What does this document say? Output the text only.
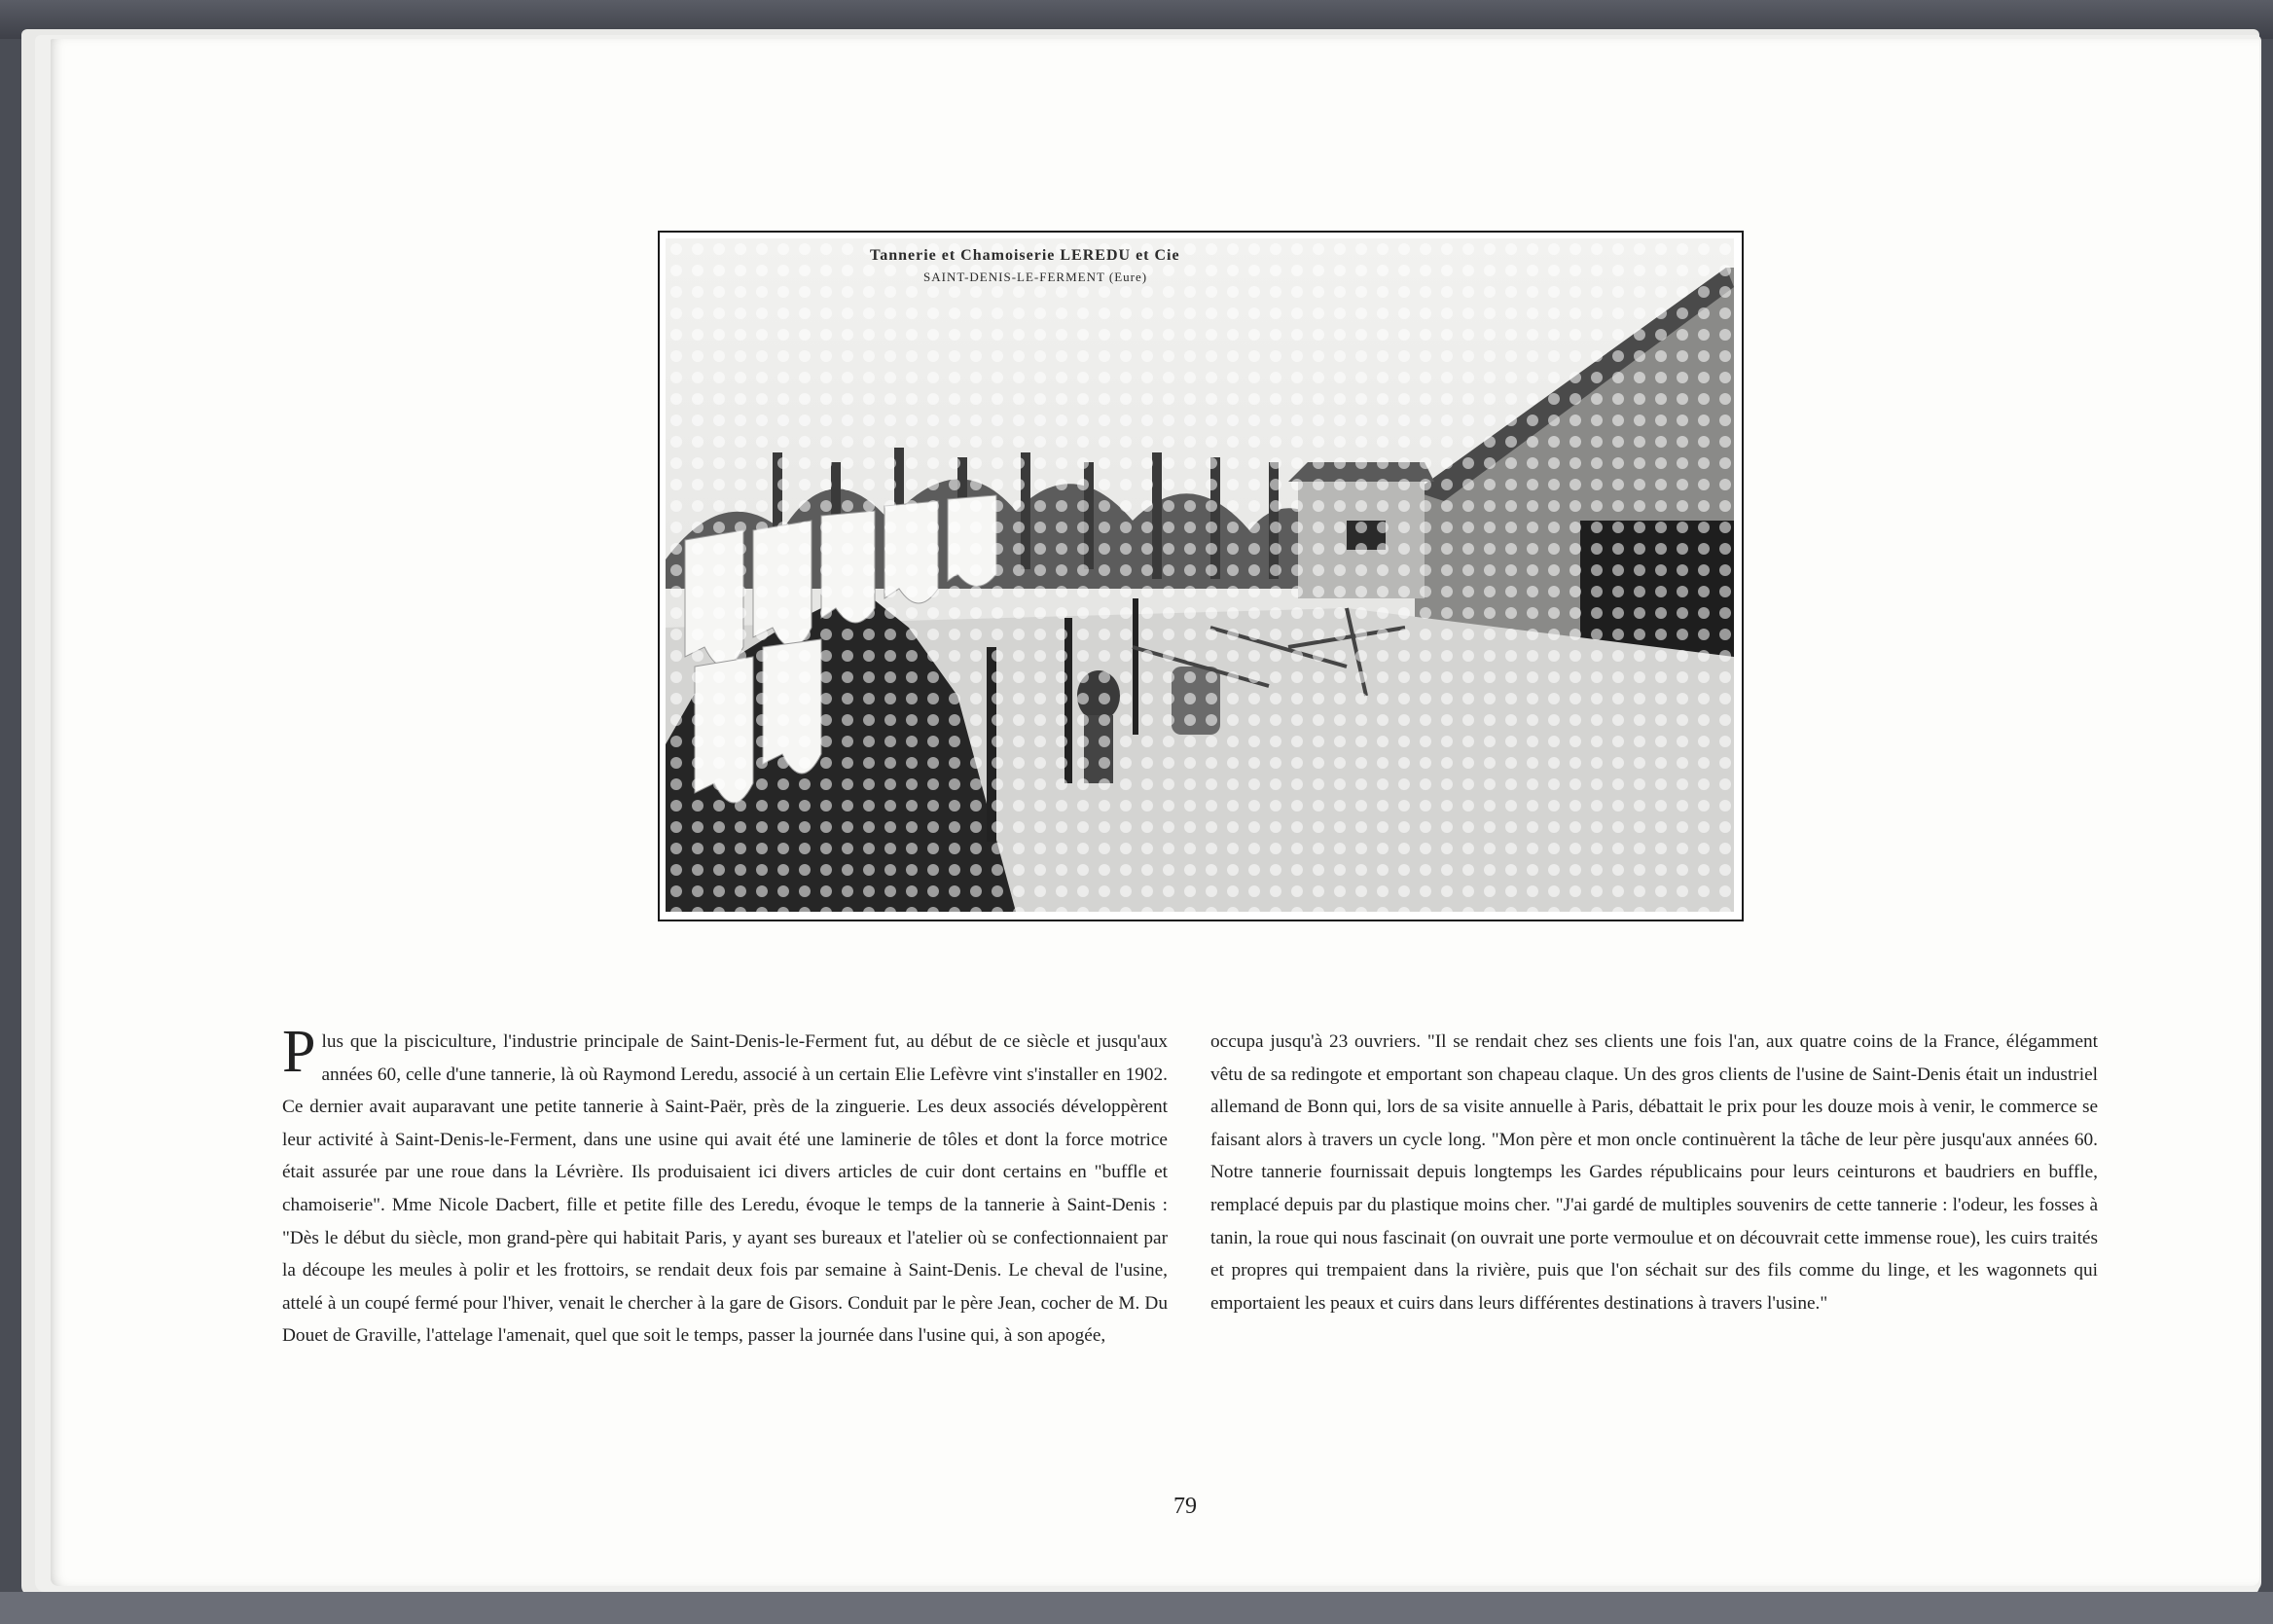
Tannerie et Chamoiserie LEREDU et Cie
SAINT-DENIS-LE-FERMENT (Eure)
Plus que la pisciculture, l'industrie principale de Saint-Denis-le-Ferment fut, au début de ce siècle et jusqu'aux années 60, celle d'une tannerie, là où Raymond Leredu, associé à un certain Elie Lefèvre vint s'installer en 1902. Ce dernier avait auparavant une petite tannerie à Saint-Paër, près de la zinguerie. Les deux associés développèrent leur activité à Saint-Denis-le-Ferment, dans une usine qui avait été une laminerie de tôles et dont la force motrice était assurée par une roue dans la Lévrière. Ils produisaient ici divers articles de cuir dont certains en "buffle et chamoiserie". Mme Nicole Dacbert, fille et petite fille des Leredu, évoque le temps de la tannerie à Saint-Denis : "Dès le début du siècle, mon grand-père qui habitait Paris, y ayant ses bureaux et l'atelier où se confectionnaient par la découpe les meules à polir et les frottoirs, se rendait deux fois par semaine à Saint-Denis. Le cheval de l'usine, attelé à un coupé fermé pour l'hiver, venait le chercher à la gare de Gisors. Conduit par le père Jean, cocher de M. Du Douet de Graville, l'attelage l'amenait, quel que soit le temps, passer la journée dans l'usine qui, à son apogée,
occupa jusqu'à 23 ouvriers. "Il se rendait chez ses clients une fois l'an, aux quatre coins de la France, élégamment vêtu de sa redingote et emportant son chapeau claque. Un des gros clients de l'usine de Saint-Denis était un industriel allemand de Bonn qui, lors de sa visite annuelle à Paris, débattait le prix pour les douze mois à venir, le commerce se faisant alors à travers un cycle long. "Mon père et mon oncle continuèrent la tâche de leur père jusqu'aux années 60. Notre tannerie fournissait depuis longtemps les Gardes républicains pour leurs ceinturons et baudriers en buffle, remplacé depuis par du plastique moins cher. "J'ai gardé de multiples souvenirs de cette tannerie : l'odeur, les fosses à tanin, la roue qui nous fascinait (on ouvrait une porte vermoulue et on découvrait cette immense roue), les cuirs traités et propres qui trempaient dans la rivière, puis que l'on séchait sur des fils comme du linge, et les wagonnets qui emportaient les peaux et cuirs dans leurs différentes destinations à travers l'usine."
79
